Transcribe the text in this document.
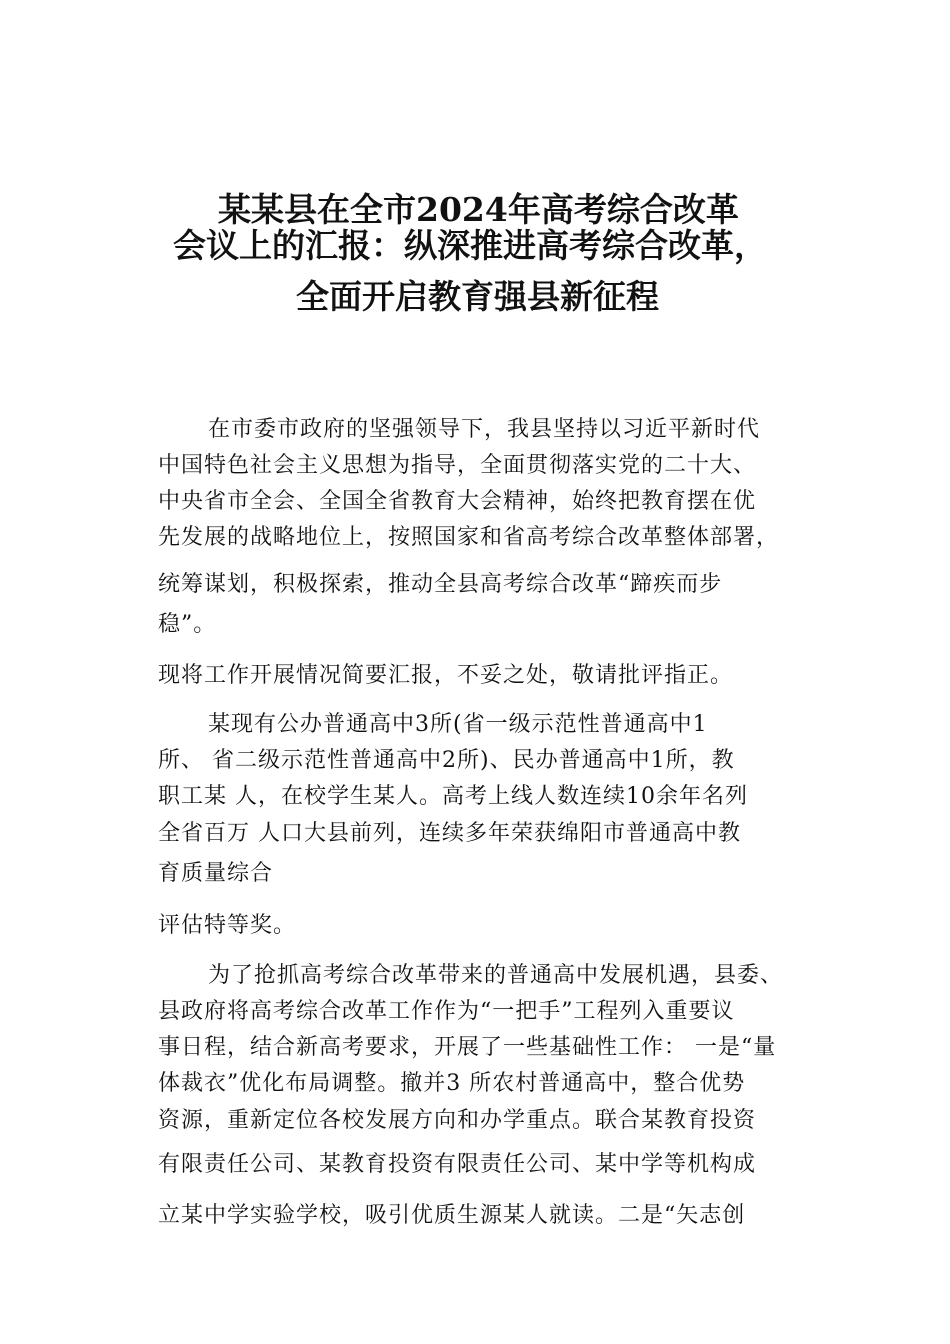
某某县在全市2024年高考综合改革
会议上的汇报：纵深推进高考综合改革，
全面开启教育强县新征程
在市委市政府的坚强领导下，我县坚持以习近平新时代
中国特色社会主义思想为指导，全面贯彻落实党的二十大、
中央省市全会、全国全省教育大会精神，始终把教育摆在优
先发展的战略地位上，按照国家和省高考综合改革整体部署，
统筹谋划，积极探索，推动全县高考综合改革“蹄疾而步
稳”。
现将工作开展情况简要汇报，不妥之处，敬请批评指正。
某现有公办普通高中3所(省一级示范性普通高中1
所、 省二级示范性普通高中2所)、民办普通高中1所，教
职工某 人，在校学生某人。高考上线人数连续10余年名列
全省百万 人口大县前列，连续多年荣获绵阳市普通高中教
育质量综合
评估特等奖。
为了抢抓高考综合改革带来的普通高中发展机遇，县委、
县政府将高考综合改革工作作为“一把手”工程列入重要议
事日程，结合新高考要求，开展了一些基础性工作： 一是“量
体裁衣”优化布局调整。撤并3 所农村普通高中，整合优势
资源，重新定位各校发展方向和办学重点。联合某教育投资
有限责任公司、某教育投资有限责任公司、某中学等机构成
立某中学实验学校，吸引优质生源某人就读。二是“矢志创
